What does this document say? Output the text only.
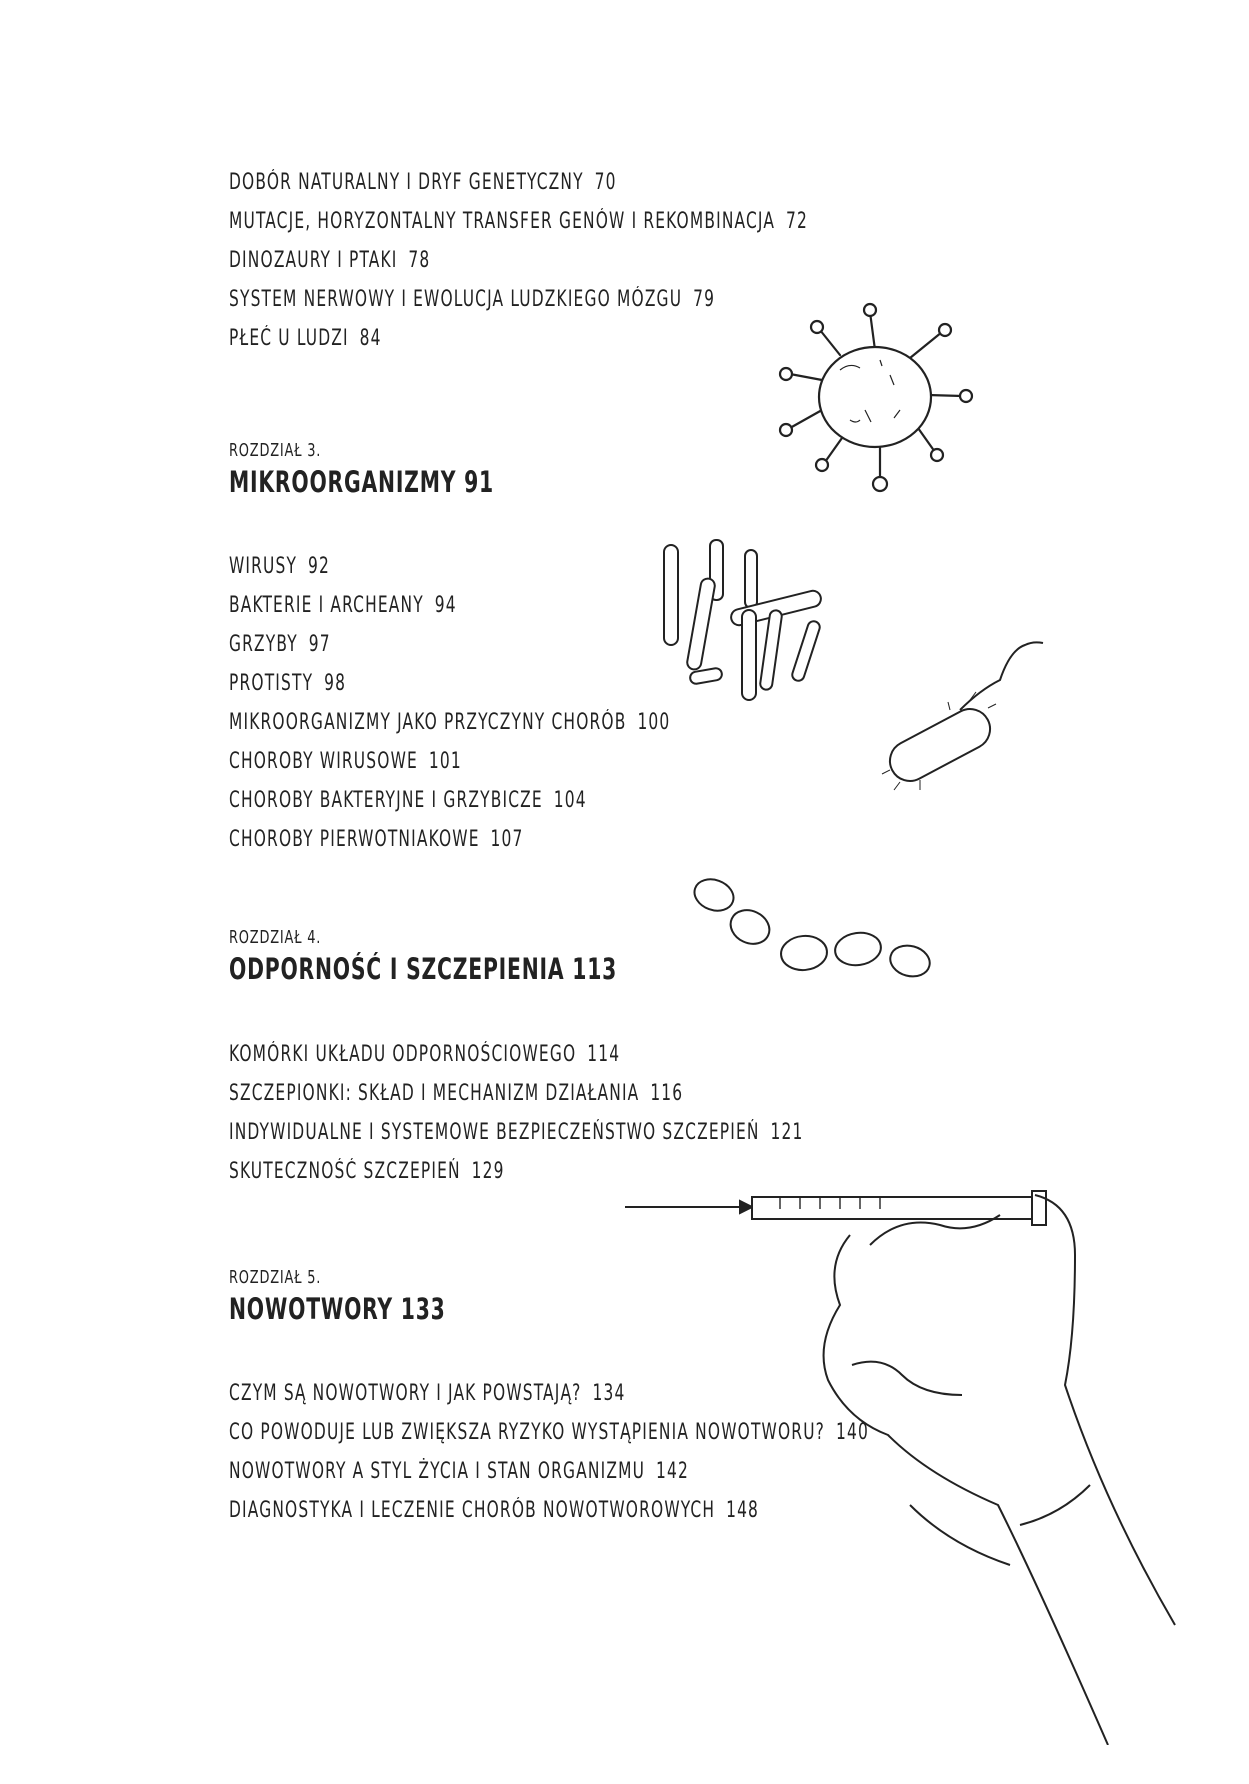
DOBÓR NATURALNY I DRYF GENETYCZNY 70
MUTACJE, HORYZONTALNY TRANSFER GENÓW I REKOMBINACJA 72
DINOZAURY I PTAKI 78
SYSTEM NERWOWY I EWOLUCJA LUDZKIEGO MÓZGU 79
PŁEĆ U LUDZI 84
ROZDZIAŁ 3.
MIKROORGANIZMY 91
WIRUSY 92
BAKTERIE I ARCHEANY 94
GRZYBY 97
PROTISTY 98
MIKROORGANIZMY JAKO PRZYCZYNY CHORÓB 100
CHOROBY WIRUSOWE 101
CHOROBY BAKTERYJNE I GRZYBICZE 104
CHOROBY PIERWOTNIAKOWE 107
ROZDZIAŁ 4.
ODPORNOŚĆ I SZCZEPIENIA 113
KOMÓRKI UKŁADU ODPORNOŚCIOWEGO 114
SZCZEPIONKI: SKŁAD I MECHANIZM DZIAŁANIA 116
INDYWIDUALNE I SYSTEMOWE BEZPIECZEŃSTWO SZCZEPIEŃ 121
SKUTECZNOŚĆ SZCZEPIEŃ 129
ROZDZIAŁ 5.
NOWOTWORY 133
CZYM SĄ NOWOTWORY I JAK POWSTAJĄ? 134
CO POWODUJE LUB ZWIĘKSZA RYZYKO WYSTĄPIENIA NOWOTWORU? 140
NOWOTWORY A STYL ŻYCIA I STAN ORGANIZMU 142
DIAGNOSTYKA I LECZENIE CHORÓB NOWOTWOROWYCH 148
